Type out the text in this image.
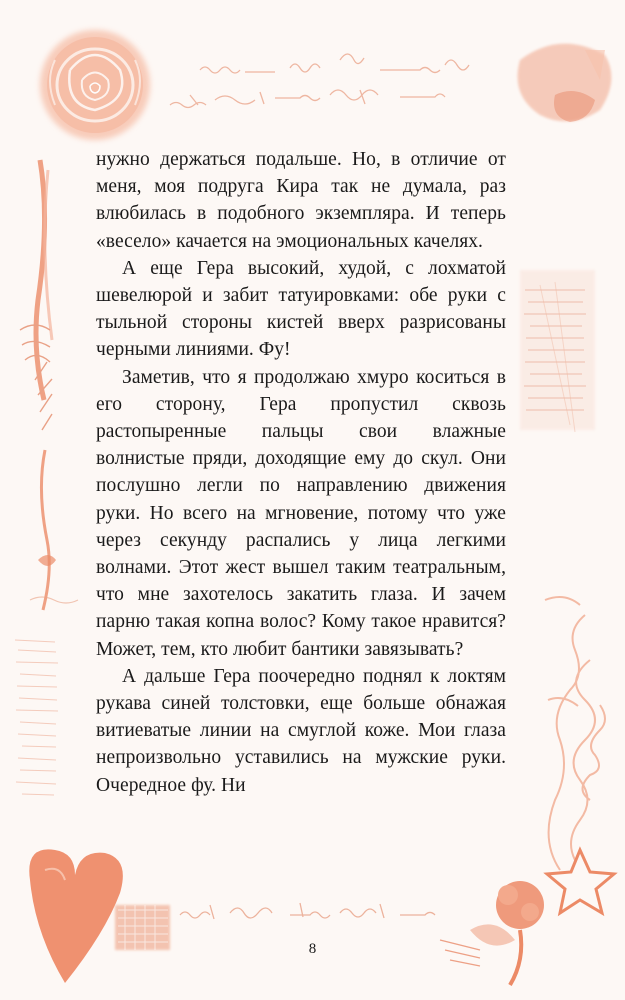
нужно держаться подальше. Но, в отличие от меня, моя подруга Кира так не думала, раз влюбилась в подобного экземпляра. И теперь «весело» качается на эмоциональных качелях.

А еще Гера высокий, худой, с лохматой шевелюрой и забит татуировками: обе руки с тыльной стороны кистей вверх разрисованы черными линиями. Фу!

Заметив, что я продолжаю хмуро коситься в его сторону, Гера пропустил сквозь растопыренные пальцы свои влажные волнистые пряди, доходящие ему до скул. Они послушно легли по направлению движения руки. Но всего на мгновение, потому что уже через секунду распались у лица легкими волнами. Этот жест вышел таким театральным, что мне захотелось закатить глаза. И зачем парню такая копна волос? Кому такое нравится? Может, тем, кто любит бантики завязывать?

А дальше Гера поочередно поднял к локтям рукава синей толстовки, еще больше обнажая витиеватые линии на смуглой коже. Мои глаза непроизвольно уставились на мужские руки. Очередное фу. Ни

8
